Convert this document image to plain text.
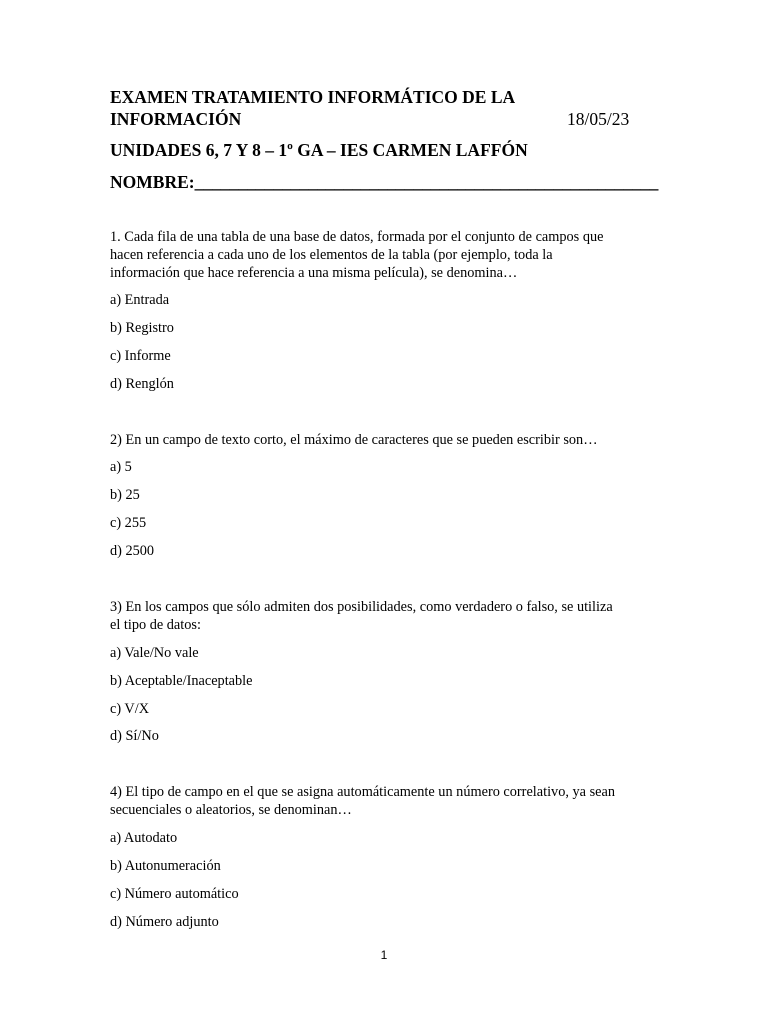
EXAMEN TRATAMIENTO INFORMÁTICO DE LA
INFORMACIÓN	18/05/23
UNIDADES 6, 7 Y 8 – 1º GA – IES CARMEN LAFFÓN
NOMBRE:_____________________________________________________
1. Cada fila de una tabla de una base de datos, formada por el conjunto de campos que
hacen referencia a cada uno de los elementos de la tabla (por ejemplo, toda la
información que hace referencia a una misma película), se denomina…
a) Entrada
b) Registro
c) Informe
d) Renglón
2) En un campo de texto corto, el máximo de caracteres que se pueden escribir son…
a) 5
b) 25
c) 255
d) 2500
3) En los campos que sólo admiten dos posibilidades, como verdadero o falso, se utiliza
el tipo de datos:
a) Vale/No vale
b) Aceptable/Inaceptable
c) V/X
d) Sí/No
4) El tipo de campo en el que se asigna automáticamente un número correlativo, ya sean
secuenciales o aleatorios, se denominan…
a) Autodato
b) Autonumeración
c) Número automático
d) Número adjunto
1
